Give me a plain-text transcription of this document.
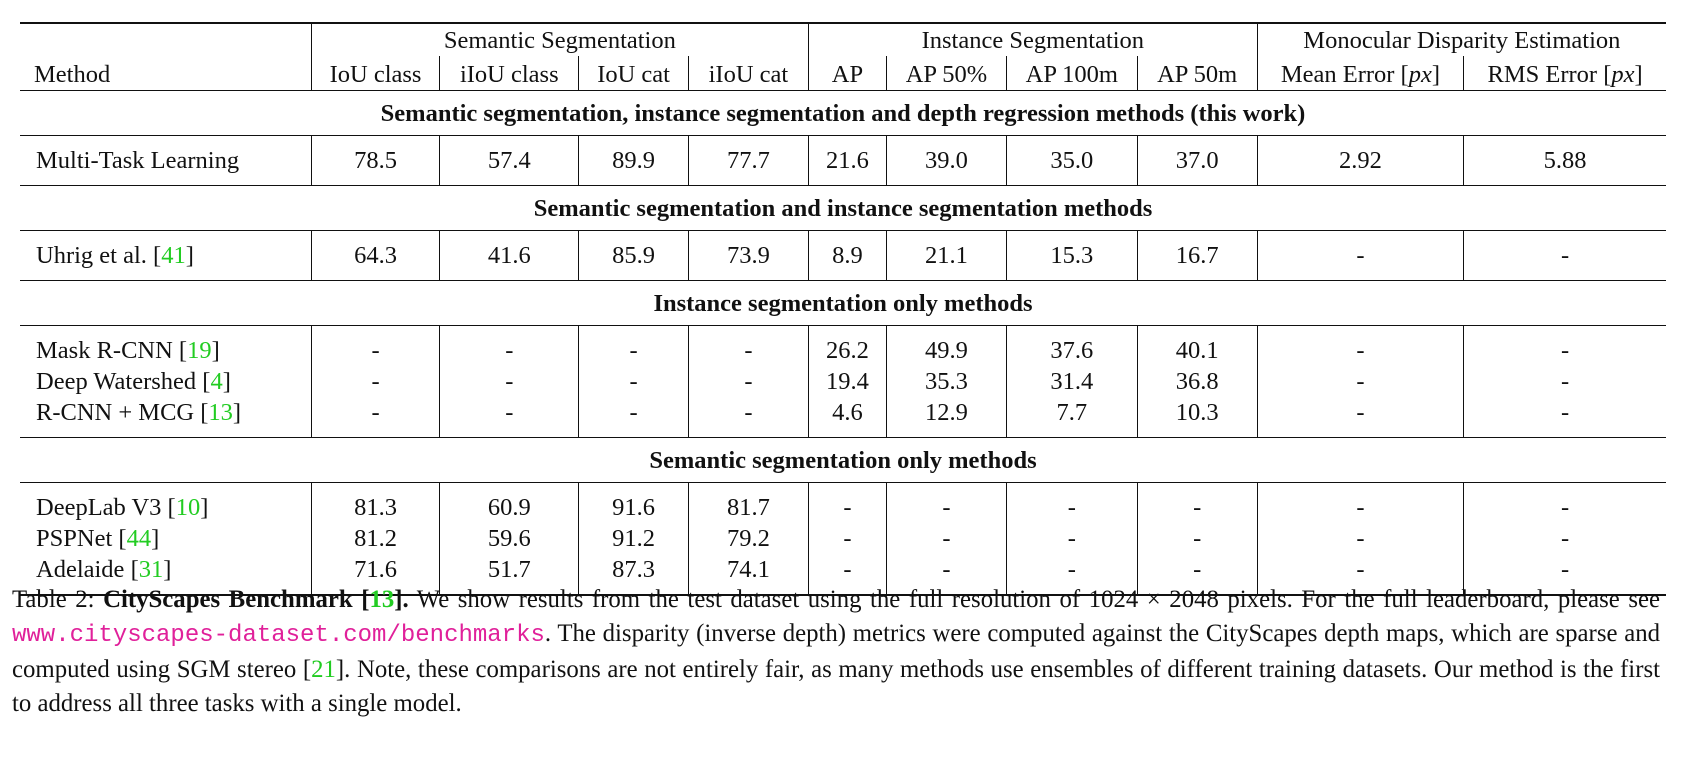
	Semantic Segmentation				Instance Segmentation				Monocular Disparity Estimation	
Method	IoU class	iIoU class	IoU cat	iIoU cat	AP	AP 50%	AP 100m	AP 50m	Mean Error [px]	RMS Error [px]
Semantic segmentation, instance segmentation and depth regression methods (this work)										
Multi-Task Learning	78.5	57.4	89.9	77.7	21.6	39.0	35.0	37.0	2.92	5.88
Semantic segmentation and instance segmentation methods										
Uhrig et al. [41]	64.3	41.6	85.9	73.9	8.9	21.1	15.3	16.7	-	-
Instance segmentation only methods										
Mask R-CNN [19]	-	-	-	-	26.2	49.9	37.6	40.1	-	-
Deep Watershed [4]	-	-	-	-	19.4	35.3	31.4	36.8	-	-
R-CNN + MCG [13]	-	-	-	-	4.6	12.9	7.7	10.3	-	-
Semantic segmentation only methods										
DeepLab V3 [10]	81.3	60.9	91.6	81.7	-	-	-	-	-	-
PSPNet [44]	81.2	59.6	91.2	79.2	-	-	-	-	-	-
Adelaide [31]	71.6	51.7	87.3	74.1	-	-	-	-	-	-
Table 2: CityScapes Benchmark [13]. We show results from the test dataset using the full resolution of 1024 × 2048 pixels. For the full leaderboard, please see www.cityscapes-dataset.com/benchmarks. The disparity (inverse depth) metrics were computed against the CityScapes depth maps, which are sparse and computed using SGM stereo [21]. Note, these comparisons are not entirely fair, as many methods use ensembles of different training datasets. Our method is the first to address all three tasks with a single model.
